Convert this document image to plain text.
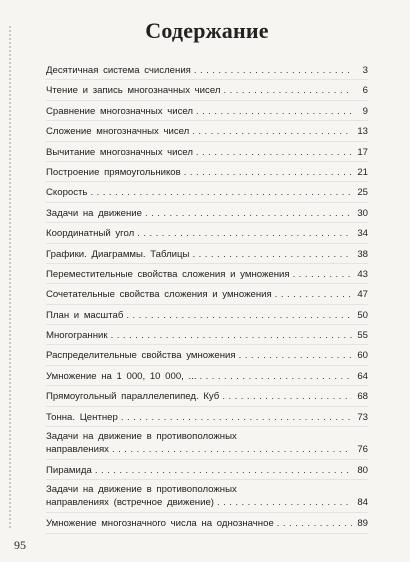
Содержание
Десятичная система счисления . . .	3
Чтение и запись многозначных чисел . . .	6
Сравнение многозначных чисел . . .	9
Сложение многозначных чисел . . .	13
Вычитание многозначных чисел . . .	17
Построение прямоугольников . . .	21
Скорость . . .	25
Задачи на движение . . .	30
Координатный угол . . .	34
Графики. Диаграммы. Таблицы . . .	38
Переместительные свойства сложения и умножения . . .	43
Сочетательные свойства сложения и умножения . . .	47
План и масштаб . . .	50
Многогранник . . .	55
Распределительные свойства умножения . . .	60
Умножение на 1 000, 10 000, ... . . .	64
Прямоугольный параллелепипед. Куб . . .	68
Тонна. Центнер . . .	73
Задачи на движение в противоположных
направлениях . . .	76
Пирамида . . .	80
Задачи на движение в противоположных
направлениях (встречное движение) . . .	84
Умножение многозначного числа на однозначное . . .	89
95
